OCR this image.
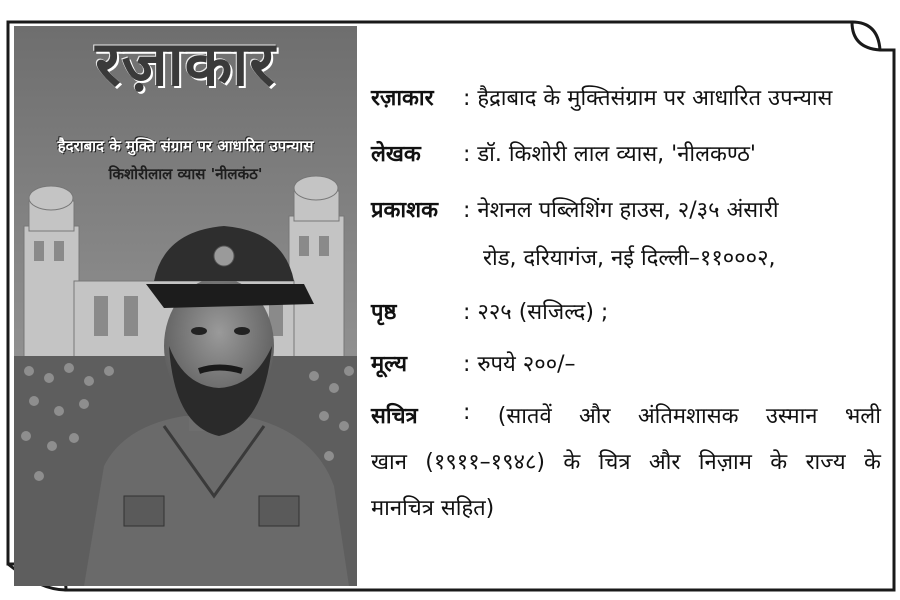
रज़ाकार
हैदराबाद के मुक्ति संग्राम पर आधारित उपन्यास
किशोरीलाल व्यास 'नीलकंठ'
रज़ाकार : हैद्राबाद के मुक्तिसंग्राम पर आधारित उपन्यास
लेखक : डॉ. किशोरी लाल व्यास, 'नीलकण्ठ'
प्रकाशक : नेशनल पब्लिशिंग हाउस, २/३५ अंसारी
रोड, दरियागंज, नई दिल्ली–११०००२,
पृष्ठ	: २२५ (सजिल्द) ;
मूल्य	: रुपये २००/–
सचित्र : (सातवें और अंतिमशासक उस्मान भली
खान (१९११–१९४८) के चित्र और निज़ाम के राज्य के
मानचित्र सहित)
